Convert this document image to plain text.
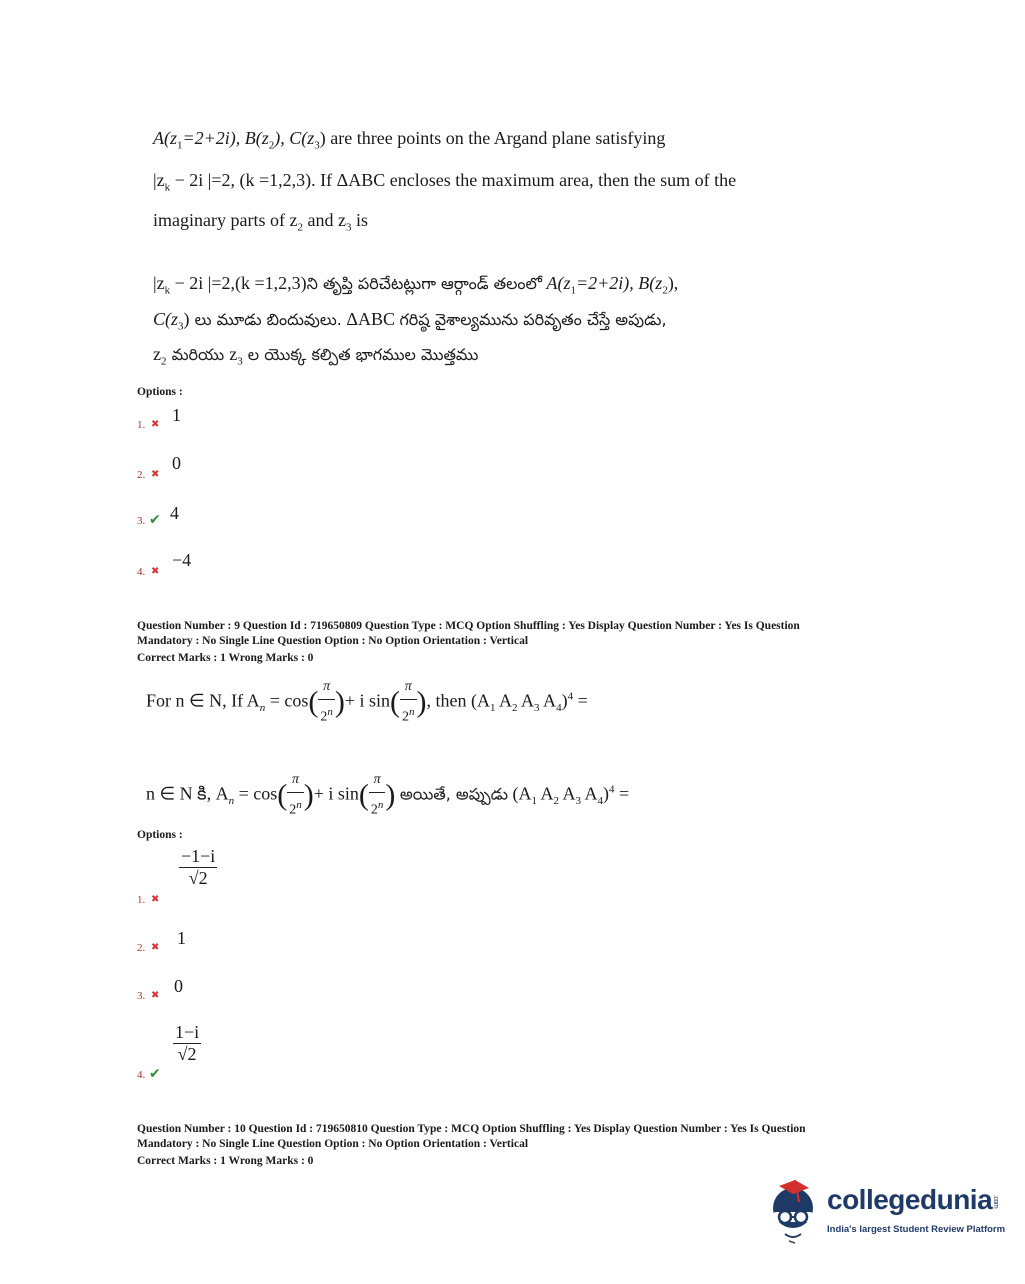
$A(z_1=2+2i)$, $B(z_2)$, $C(z_3)$ are three points on the Argand plane satisfying
$|z_k - 2i$ |=2, (k =1,2,3). If ΔABC encloses the maximum area, then the sum of the
imaginary parts of $z_2$ and $z_3$ is
$|z_k - 2i$ |=2,(k =1,2,3)ని తృప్తి పరిచేటట్లుగా ఆర్గాండ్ తలంలో $A(z_1=2+2i)$, $B(z_2)$,
$C(z_3)$ లు మూడు బిందువులు. ΔABC గరిష్ఠ వైశాల్యమును పరివృతం చేస్తే అపుడు,
$z_2$ మరియు $z_3$ ల యొక్క కల్పిత భాగముల మొత్తము
Options :
1. ✖ 1
2. ✖
0
3. ✔ 4
4. ✖
−4
Question Number : 9 Question Id : 719650809 Question Type : MCQ Option Shuffling : Yes Display Question Number : Yes Is Question
Mandatory : No Single Line Question Option : No Option Orientation : Vertical
Correct Marks : 1 Wrong Marks : 0
For n ∈ N, If $A_n = \cos( \frac{\pi}{2^n}$ )+ i $\sin( \frac{\pi}{2^n}$ ), then ($A_1$ $A_2$ $A_3$ $A_4)^4$ =
n ∈ N కి, $A_n = \cos( \frac{\pi}{2^n}$ )+ i $\sin( \frac{\pi}{2^n}$ ) అయితే, అప్పుడు ($A_1$ $A_2$ $A_3$ $A_4)^4$ =
Options :
1. ✖
$\frac{-1-i}{√2}$
2. ✖ 1
3. ✖ 0
4. ✔
$\frac{1-i}{√2}$
Question Number : 10 Question Id : 719650810 Question Type : MCQ Option Shuffling : Yes Display Question Number : Yes Is Question
Mandatory : No Single Line Question Option : No Option Orientation : Vertical
Correct Marks : 1 Wrong Marks : 0
collegedunia.com
India's largest Student Review Platform
